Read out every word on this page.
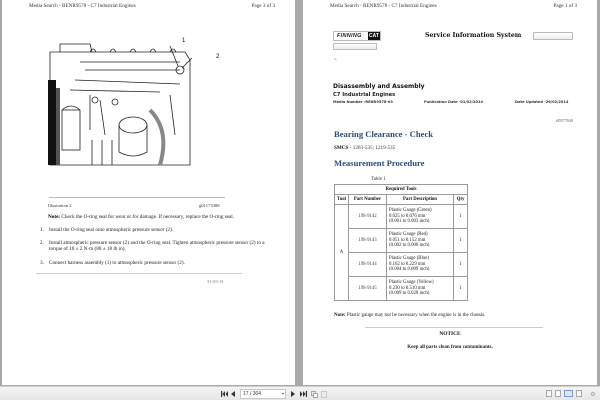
Media Search - RENR9578 - C7 Industrial Engines	Page 3 of 3
1
2
Illustration 2	g01173388
Note: Check the O-ring seal for wear or for damage. If necessary, replace the O-ring seal.
1. Install the O-ring seal onto atmospheric pressure sensor (2).
2. Install atmospheric pressure sensor (2) and the O-ring seal. Tighten atmospheric pressure sensor (2) to a torque of 10 ± 2 N·m (88 ± 18 lb in).
3. Connect harness assembly (1) to atmospheric pressure sensor (2).
31-03-31
Media Search - RENR9578 - C7 Industrial Engines	Page 1 of 3
FINNING	CAT	Service Information System
<
Disassembly and Assembly
C7 Industrial Engines
Media Number -RENR9578-03	Publication Date -01/02/2014	Date Updated -26/02/2014
i05577040
Bearing Clearance - Check
SMCS - 1203-535; 1219-535
Measurement Procedure
Table 1
Required Tools			
Tool	Part Number	Part Description	Qty
A	198-9142	Plastic Gauge (Green)
0.025 to 0.076 mm
(0.001 to 0.003 inch)	1
	198-9143	Plastic Gauge (Red)
0.051 to 0.152 mm
(0.002 to 0.006 inch)	1
	198-9144	Plastic Gauge (Blue)
0.102 to 0.229 mm
(0.004 to 0.009 inch)	1
	198-9145	Plastic Gauge (Yellow)
0.230 to 0.510 mm
(0.009 to 0.020 inch)	1
Note: Plastic gauge may not be necessary when the engine is in the chassis.
NOTICE
Keep all parts clean from contaminants.
17 / 304	▾	⚙
